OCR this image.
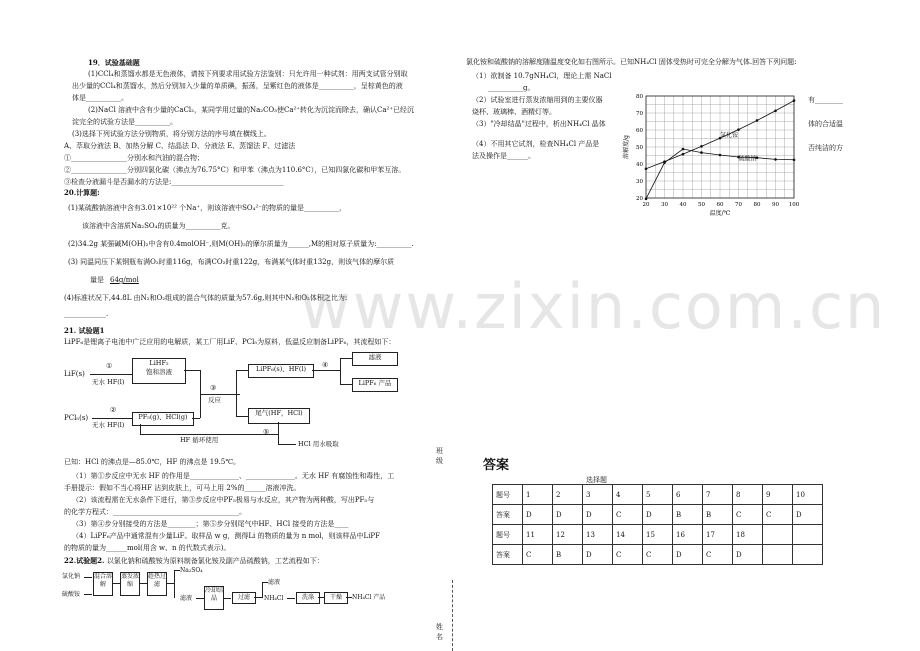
www.zixin.com.cn
19．试验基础题
(1)CCl₄和蒸馏水都是无色液体，请按下列要求用试验方法鉴别：只允许用一种试剂：用两支试管分别取
出少量的CCl₄和蒸馏水，然后分别加入少量的单质碘，振荡，呈紫红色的液体是__________，呈棕黄色的液
体是__________。
(2)NaCl 溶液中含有少量的CaCl₂，某同学用过量的Na₂CO₃使Ca²⁺转化为沉淀而除去，确认Ca²⁺已经沉
淀完全的试验方法是__________。
(3)选择下列试验方法分别物质，将分别方法的序号填在横线上。
A、萃取分液法 B、加热分解 C、结晶法 D、分液法 E、蒸馏法 F、过滤法
①________________分别水和汽油的混合物；
②________________分别四氯化碳（沸点为76.75°C）和甲苯（沸点为110.6°C），已知四氯化碳和甲苯互溶。
③检查分液漏斗是否漏水的方法是:________________________________
20.计算题:
(1)某硫酸钠溶液中含有3.01×10²² 个Na⁺，则该溶液中SO₄²⁻的物质的量是__________，
该溶液中含溶质Na₂SO₄的质量为__________克。
(2)34.2g 某强碱M(OH)₂中含有0.4molOH⁻,则M(OH)₂的摩尔质量为______,M的相对原子质量为:__________.
(3) 同温同压下某钢瓶布满O₂时重116g，布满CO₂时重122g，布满某气体时重132g，则该气体的摩尔质
量是 64g/mol
(4)标准状况下,44.8L 由N₂和O₂组成的混合气体的质量为57.6g,则其中N₂和O₂体积之比为:
____________.
21. 试验题1
LiPF₆是锂离子电池中广泛应用的电解质，某工厂用LiF、PCl₅为原料，低温反应制备LiPF₆，其流程如下：
LiF(s)
①
无水 HF(l)
LiHF₂
饱和溶液
③
反应
LiPF₆(s)、HF(l)	④
滤液
LiPF₆ 产品
尾气(HF，HCl)
PCl₅(s)
②
无水 HF(l)
PF₅(g)、HCl(g)
⑤
HF 循环使用	HCl 用水吸取
已知：HCl 的沸点是—85.0℃，HF 的沸点是 19.5℃。
（1）第①步反应中无水 HF 的作用是______________、______________。无水 HF 有腐蚀性和毒性，工
手册提示：假如不当心将HF 沾到皮肤上，可马上用 2%的______溶液冲洗。
（2）该流程需在无水条件下进行，第③步反应中PF₅极易与水反应，其产物为两种酸，写出PF₅与
的化学方程式：____________________________________。
（3）第④步分别接受的方法是________；第⑤步分别尾气中HF、HCl 接受的方法是____
（4）LiPF₆产品中通常混有少量LiF。取样品 w g，测得Li 的物质的量为 n mol，则该样品中LiPF
的物质的量为______mol(用含 w、n 的代数式表示)。
22.试验题2. 以氯化钠和硫酸铵为原料制备氯化铵及副产品硫酸钠，工艺流程如下：
氯化钠
硫酸铵
混合溶解
蒸发浓缩
趁热过滤
Na₂SO₄
滤液
冷却结晶	过滤
滤液
NH₄Cl	洗涤	干燥	NH₄Cl 产品
班级
姓名
氯化铵和硫酸钠的溶解度随温度变化如右图所示。已知NH₄Cl 固体受热时可完全分解为气体.回答下列问题:
（1）欲制备 10.7gNH₄Cl，理论上需 NaCl
__________g。
（2）试验室进行蒸发浓缩用到的主要仪器
烧杯、玻璃棒、酒精灯等。
（3）"冷却结晶"过程中，析出NH₄Cl 晶体
（4）不用其它试剂，检查NH₄Cl 产品是
法及操作是______。
有________
体的合适温
否纯洁的方
20 30 40 50 60 70 80 90 100
20
30
40
50
60
70
80
温度/℃
溶解度/g	氯化铵
硫酸钠
答案
选择题
题号	1	2	3	4	5	6	7	8	9	10
答案	D	D	D	C	D	B	B	C	C	D
题号	11	12	13	14	15	16	17	18		
答案	C	B	D	C	C	D	C	D		
